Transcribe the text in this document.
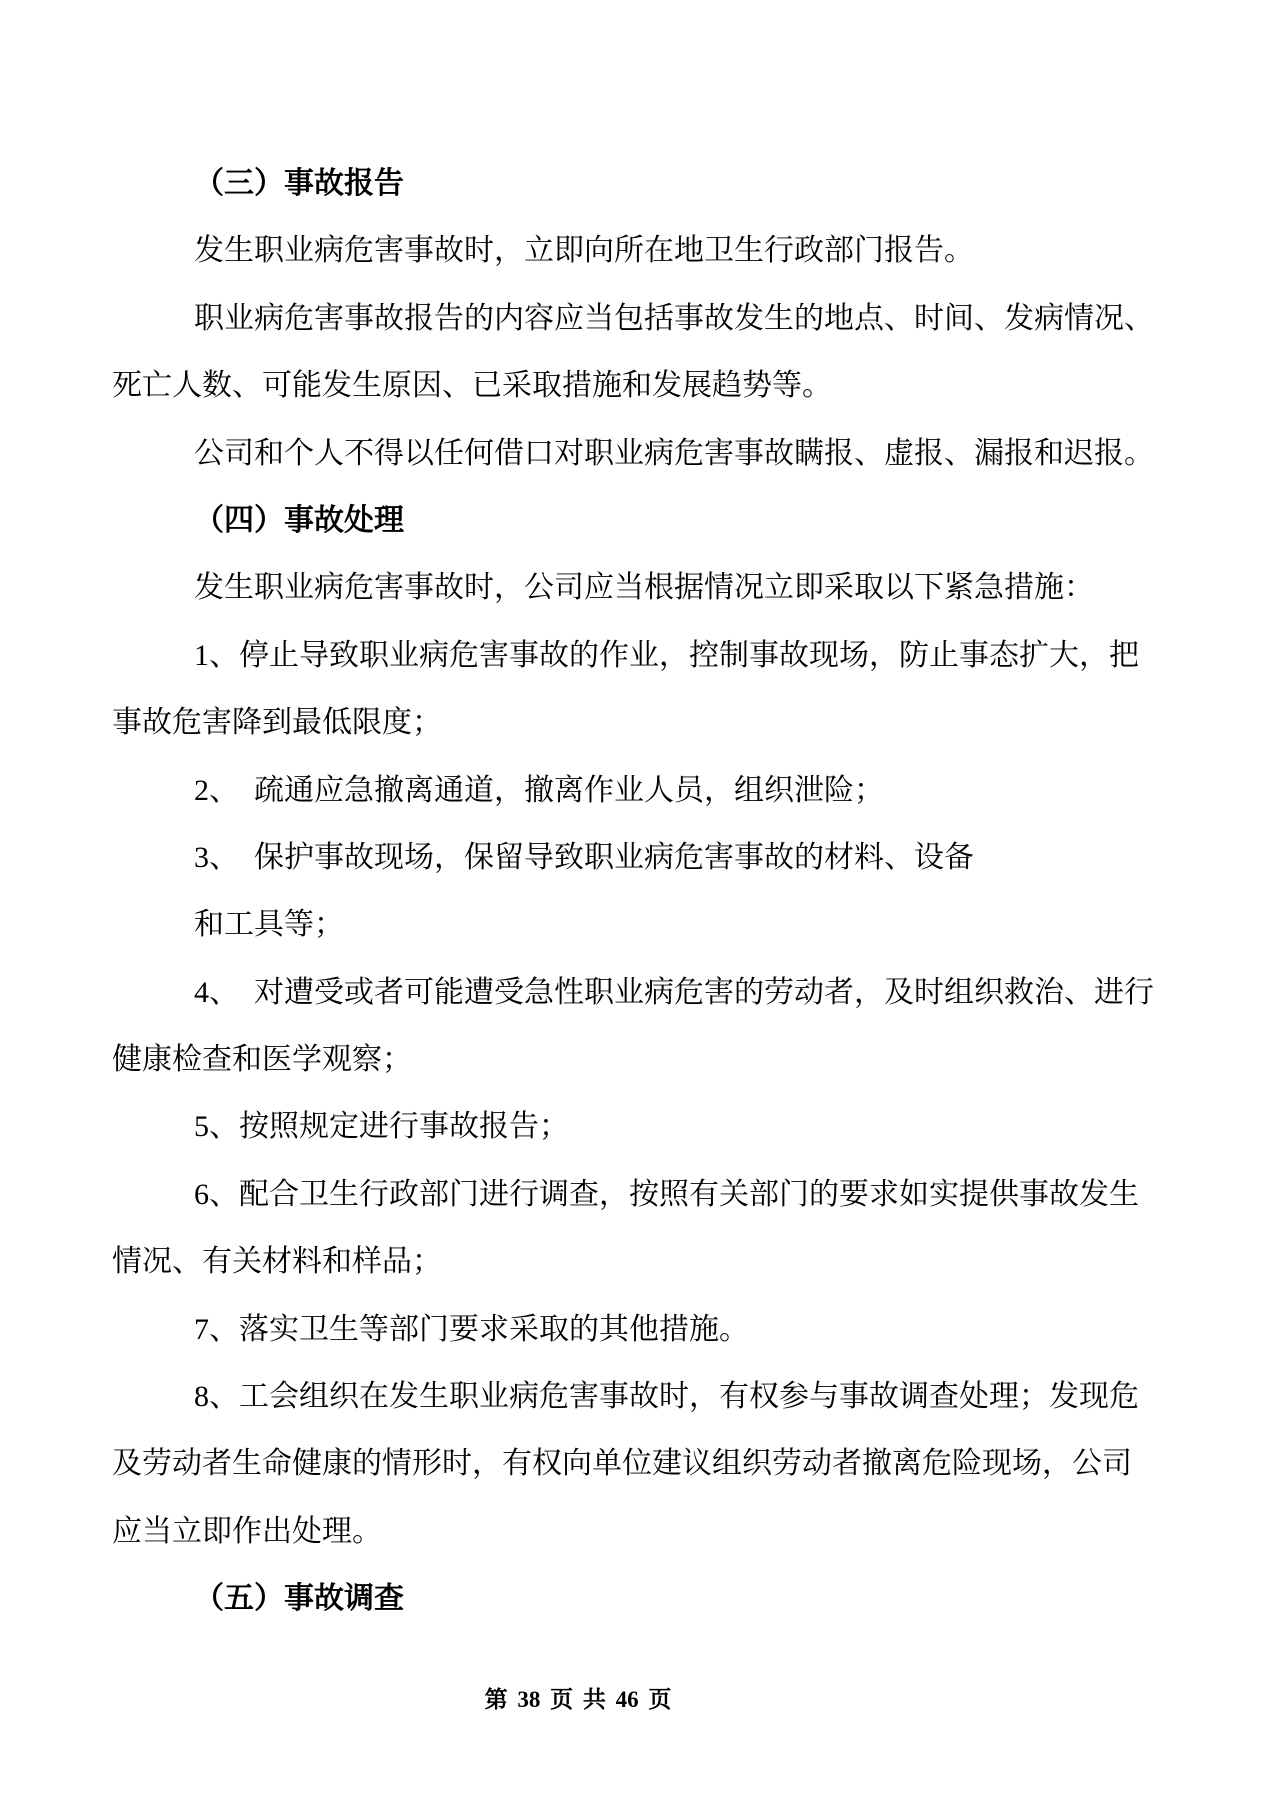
（三）事故报告
发生职业病危害事故时，立即向所在地卫生行政部门报告。
职业病危害事故报告的内容应当包括事故发生的地点、时间、发病情况、
死亡人数、可能发生原因、已采取措施和发展趋势等。
公司和个人不得以任何借口对职业病危害事故瞒报、虚报、漏报和迟报。
（四）事故处理
发生职业病危害事故时，公司应当根据情况立即采取以下紧急措施：
1、停止导致职业病危害事故的作业，控制事故现场，防止事态扩大，把
事故危害降到最低限度；
2、　疏通应急撤离通道，撤离作业人员，组织泄险；
3、　保护事故现场，保留导致职业病危害事故的材料、设备
和工具等；
4、　对遭受或者可能遭受急性职业病危害的劳动者，及时组织救治、进行
健康检查和医学观察；
5、按照规定进行事故报告；
6、配合卫生行政部门进行调查，按照有关部门的要求如实提供事故发生
情况、有关材料和样品；
7、落实卫生等部门要求采取的其他措施。
8、工会组织在发生职业病危害事故时，有权参与事故调查处理；发现危
及劳动者生命健康的情形时，有权向单位建议组织劳动者撤离危险现场，公司
应当立即作出处理。
（五）事故调查
第 38 页 共 46 页
